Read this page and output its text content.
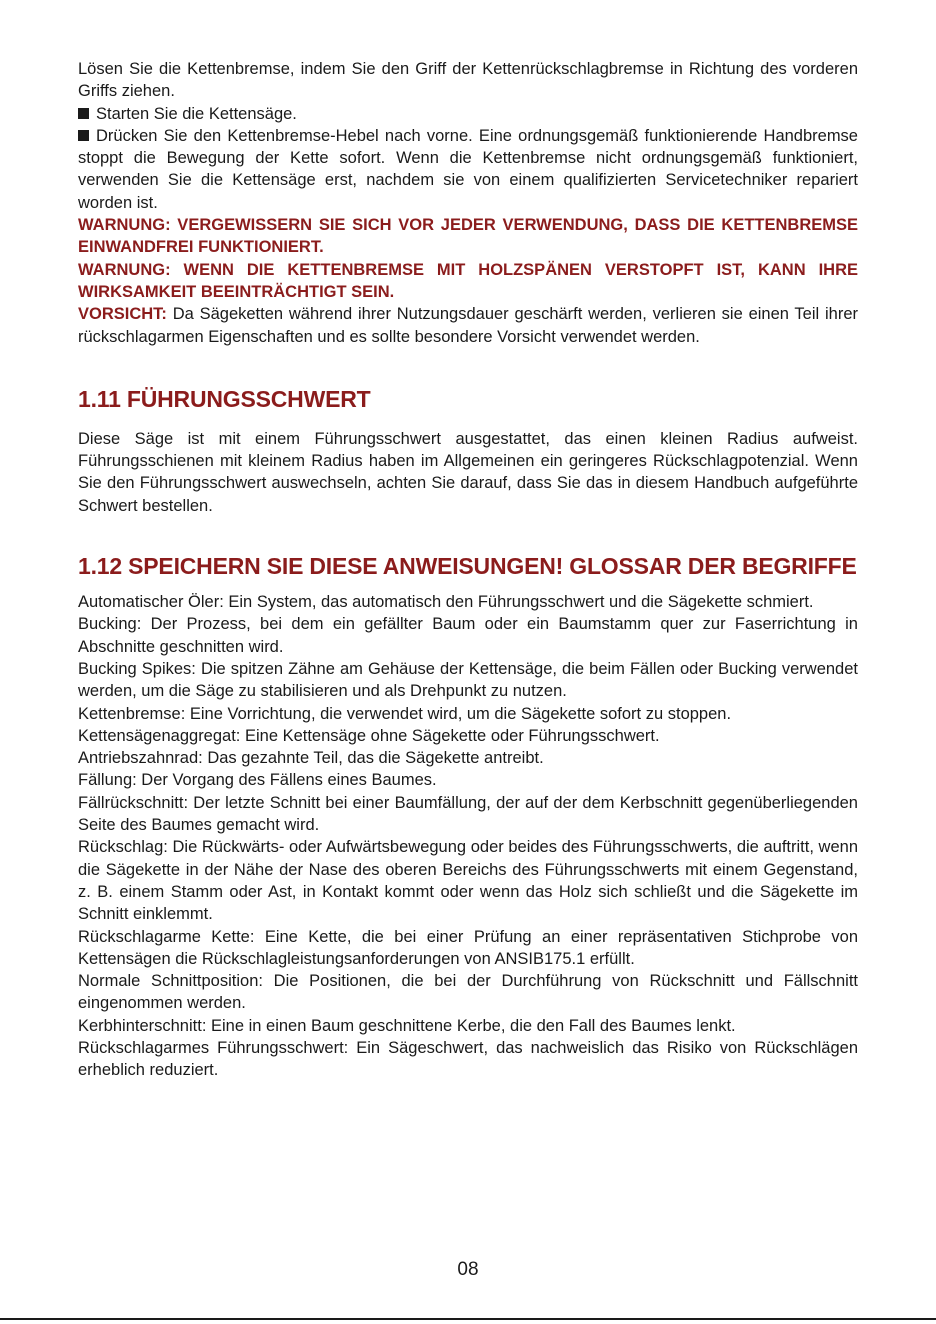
Lösen Sie die Kettenbremse, indem Sie den Griff der Kettenrückschlagbremse in Richtung des vorderen Griffs ziehen.

Starten Sie die Kettensäge.

Drücken Sie den Kettenbremse-Hebel nach vorne. Eine ordnungsgemäß funktionierende Handbremse stoppt die Bewegung der Kette sofort. Wenn die Kettenbremse nicht ordnungsgemäß funktioniert, verwenden Sie die Kettensäge erst, nachdem sie von einem qualifizierten Servicetechniker repariert worden ist.

WARNUNG: VERGEWISSERN SIE SICH VOR JEDER VERWENDUNG, DASS DIE KETTENBREMSE EINWANDFREI FUNKTIONIERT.

WARNUNG: WENN DIE KETTENBREMSE MIT HOLZSPÄNEN VERSTOPFT IST, KANN IHRE WIRKSAMKEIT BEEINTRÄCHTIGT SEIN.

VORSICHT: Da Sägeketten während ihrer Nutzungsdauer geschärft werden, verlieren sie einen Teil ihrer rückschlagarmen Eigenschaften und es sollte besondere Vorsicht verwendet werden.

1.11 FÜHRUNGSSCHWERT

Diese Säge ist mit einem Führungsschwert ausgestattet, das einen kleinen Radius aufweist. Führungsschienen mit kleinem Radius haben im Allgemeinen ein geringeres Rückschlagpotenzial. Wenn Sie den Führungsschwert auswechseln, achten Sie darauf, dass Sie das in diesem Handbuch aufgeführte Schwert bestellen.

1.12 SPEICHERN SIE DIESE ANWEISUNGEN! GLOSSAR DER BEGRIFFE

Automatischer Öler: Ein System, das automatisch den Führungsschwert und die Sägekette schmiert.

Bucking: Der Prozess, bei dem ein gefällter Baum oder ein Baumstamm quer zur Faserrichtung in Abschnitte geschnitten wird.

Bucking Spikes: Die spitzen Zähne am Gehäuse der Kettensäge, die beim Fällen oder Bucking verwendet werden, um die Säge zu stabilisieren und als Drehpunkt zu nutzen.

Kettenbremse: Eine Vorrichtung, die verwendet wird, um die Sägekette sofort zu stoppen.

Kettensägenaggregat: Eine Kettensäge ohne Sägekette oder Führungsschwert.

Antriebszahnrad: Das gezahnte Teil, das die Sägekette antreibt.

Fällung: Der Vorgang des Fällens eines Baumes.

Fällrückschnitt: Der letzte Schnitt bei einer Baumfällung, der auf der dem Kerbschnitt gegenüberliegenden Seite des Baumes gemacht wird.

Rückschlag: Die Rückwärts- oder Aufwärtsbewegung oder beides des Führungsschwerts, die auftritt, wenn die Sägekette in der Nähe der Nase des oberen Bereichs des Führungsschwerts mit einem Gegenstand, z. B. einem Stamm oder Ast, in Kontakt kommt oder wenn das Holz sich schließt und die Sägekette im Schnitt einklemmt.

Rückschlagarme Kette: Eine Kette, die bei einer Prüfung an einer repräsentativen Stichprobe von Kettensägen die Rückschlagleistungsanforderungen von ANSIB175.1 erfüllt.

Normale Schnittposition: Die Positionen, die bei der Durchführung von Rückschnitt und Fällschnitt eingenommen werden.

Kerbhinterschnitt: Eine in einen Baum geschnittene Kerbe, die den Fall des Baumes lenkt.

Rückschlagarmes Führungsschwert: Ein Sägeschwert, das nachweislich das Risiko von Rückschlägen erheblich reduziert.

08
